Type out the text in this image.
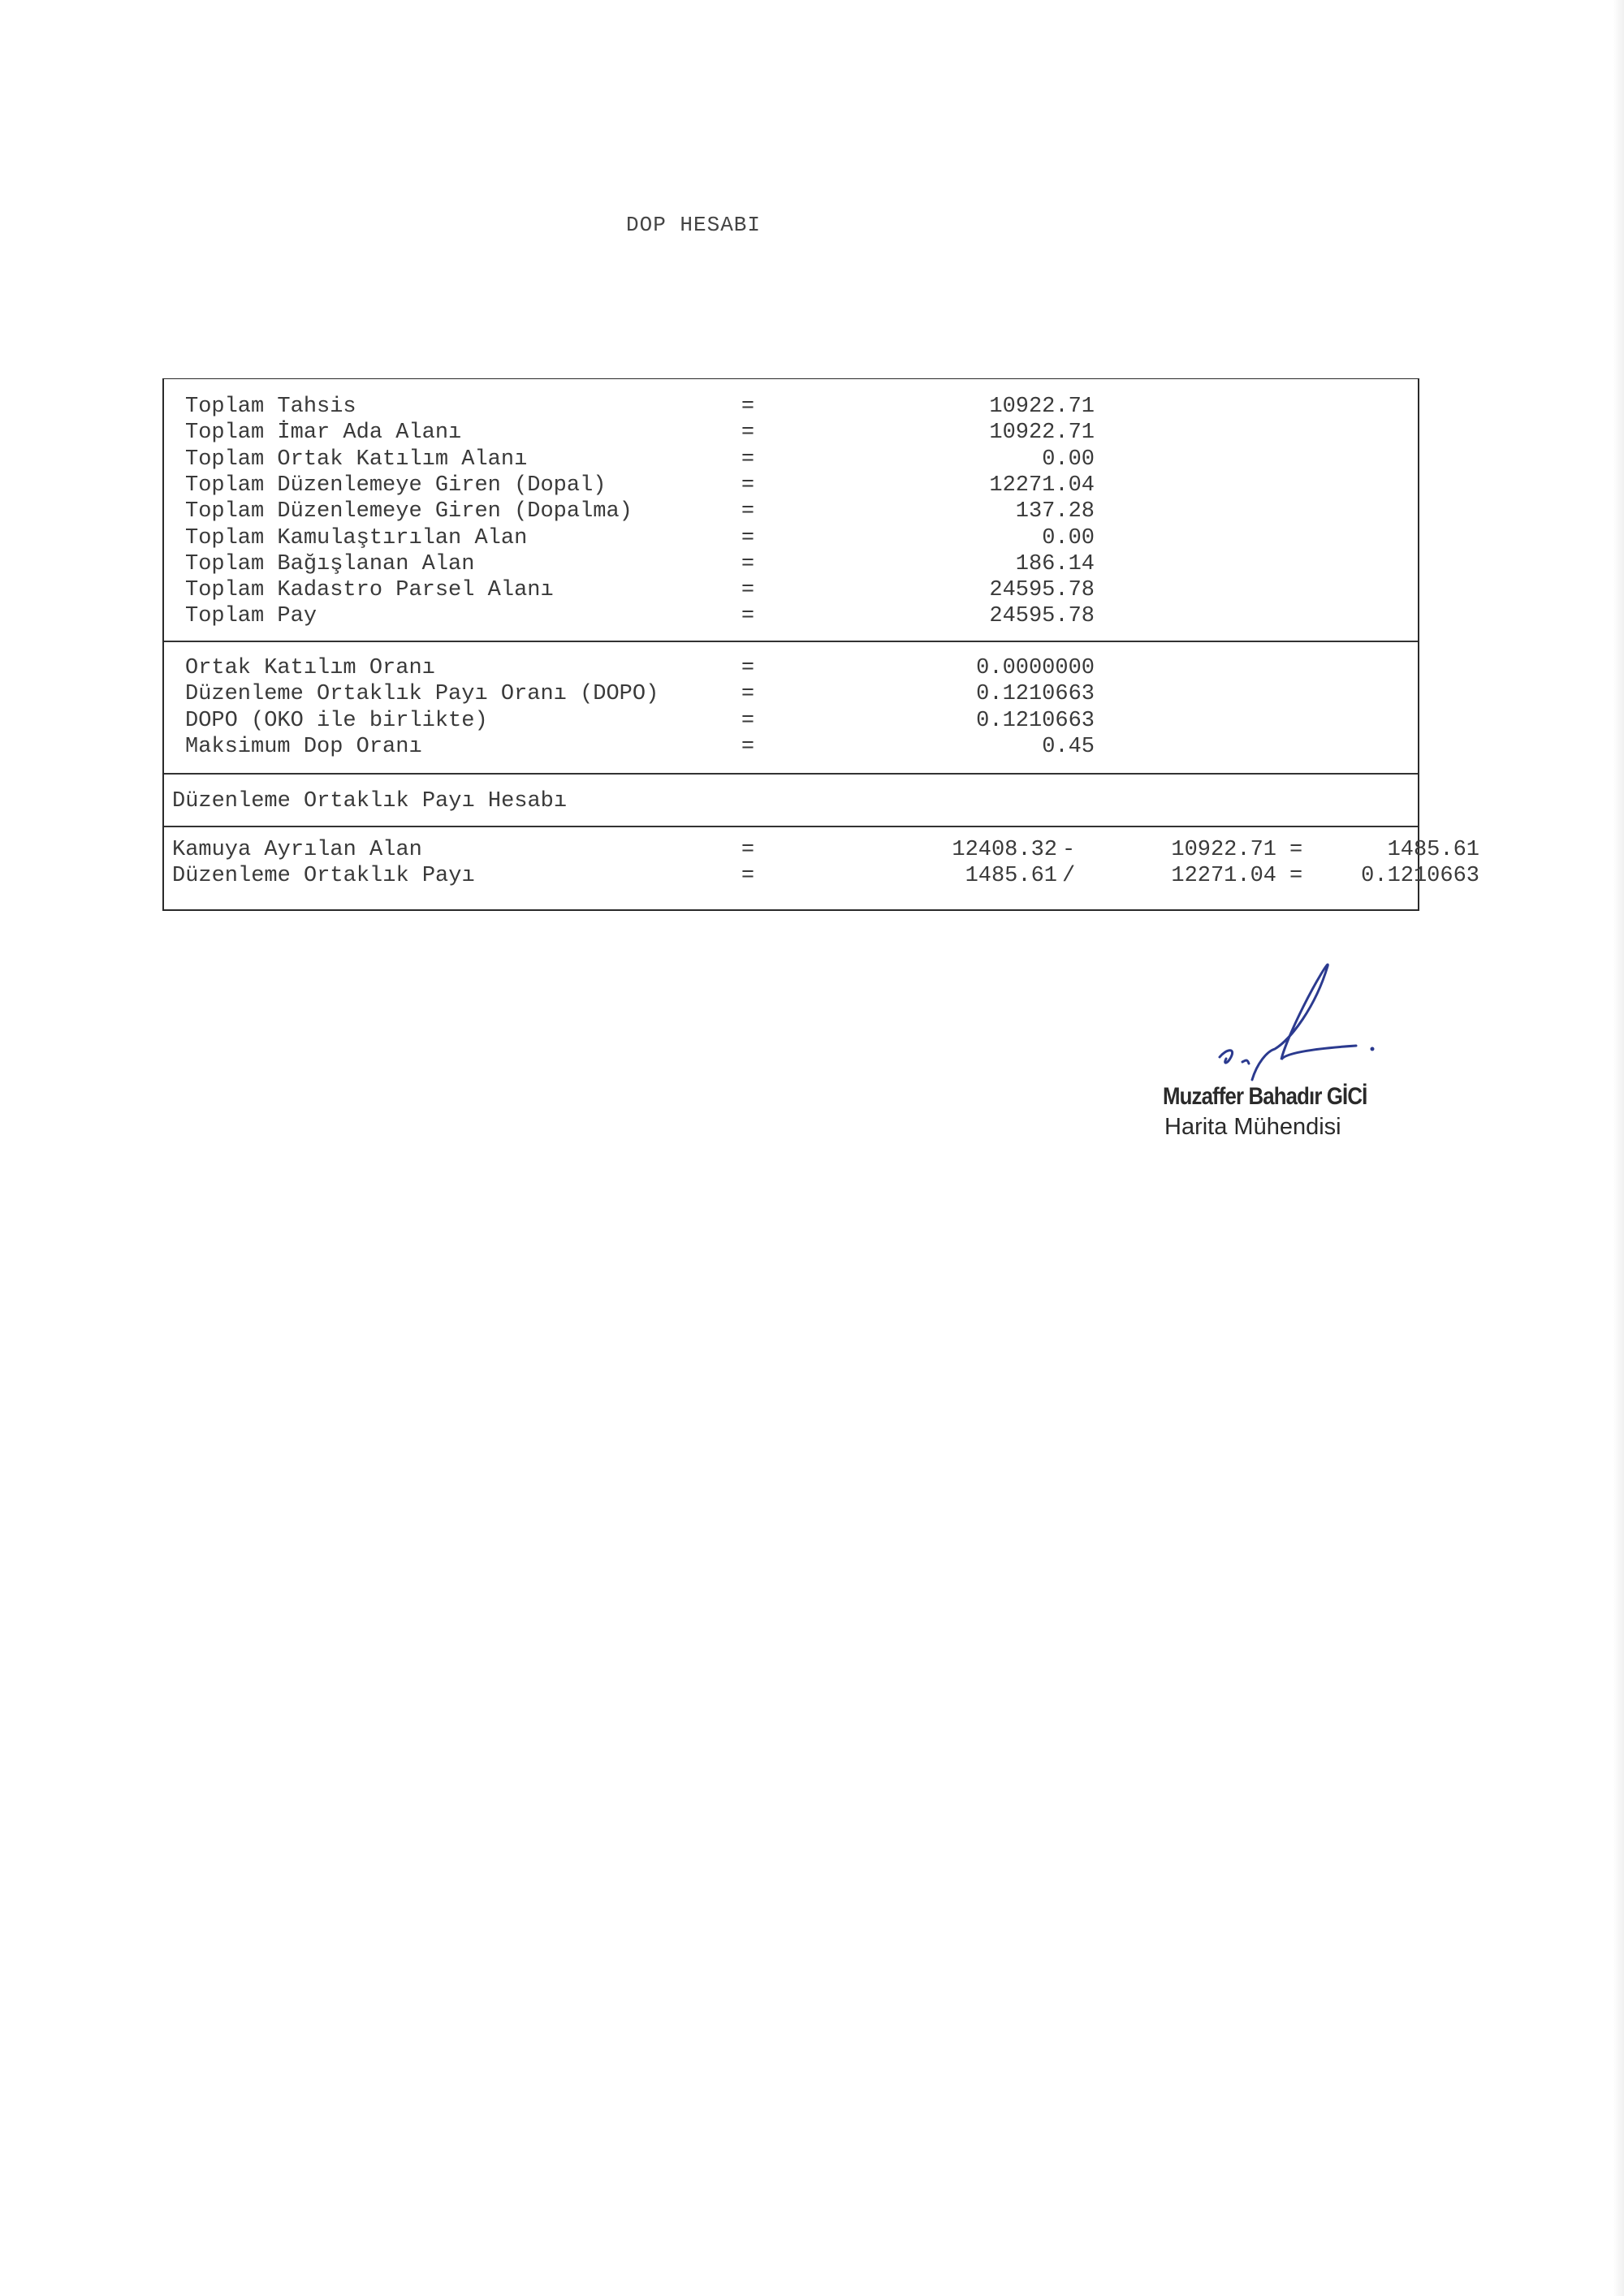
DOP HESABI
Toplam Tahsis	=	10922.71
Toplam İmar Ada Alanı	=	10922.71
Toplam Ortak Katılım Alanı	=	0.00
Toplam Düzenlemeye Giren (Dopal)	=	12271.04
Toplam Düzenlemeye Giren (Dopalma)	=	137.28
Toplam Kamulaştırılan Alan	=	0.00
Toplam Bağışlanan Alan	=	186.14
Toplam Kadastro Parsel Alanı	=	24595.78
Toplam Pay	=	24595.78
Ortak Katılım Oranı	=	0.0000000
Düzenleme Ortaklık Payı Oranı (DOPO)	=	0.1210663
DOPO (OKO ile birlikte)	=	0.1210663
Maksimum Dop Oranı	=	0.45
Düzenleme Ortaklık Payı Hesabı
Kamuya Ayrılan Alan	=	12408.32 -	10922.71 =	1485.61
Düzenleme Ortaklık Payı	=	1485.61 /	12271.04 =	0.1210663
Muzaffer Bahadır GİCİ
Harita Mühendisi
